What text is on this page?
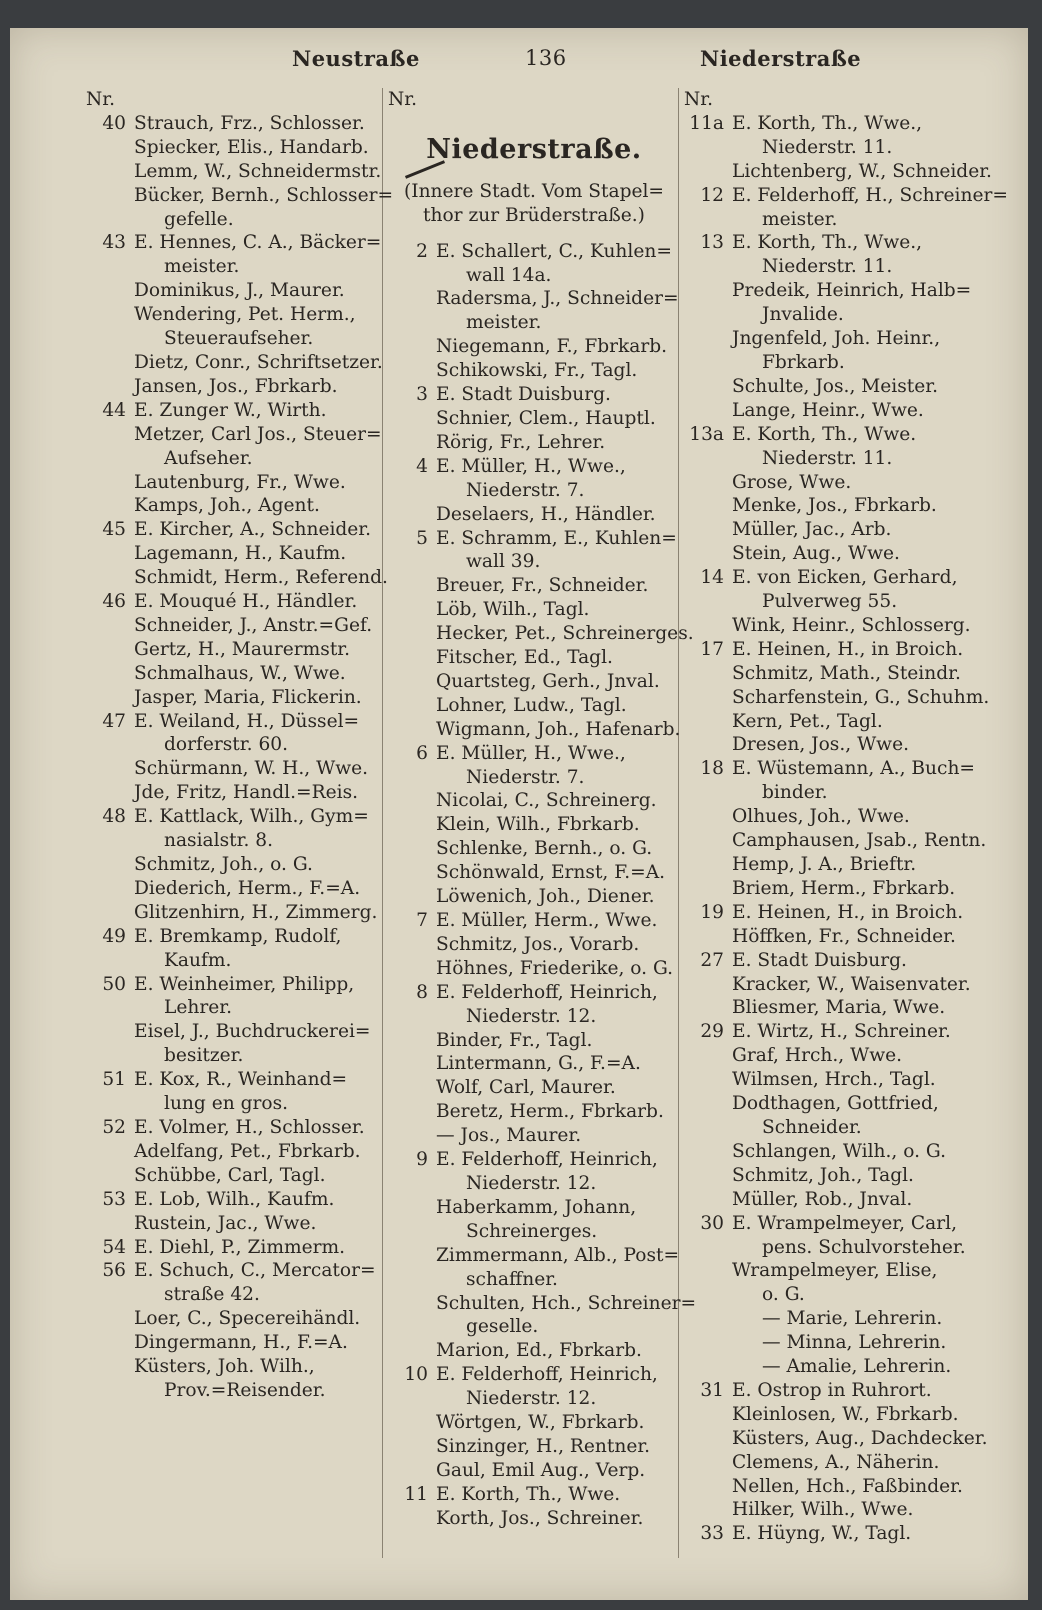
Neustraße	136	Niederstraße
Nr.
40 Strauch, Frz., Schlosser.
Spiecker, Elis., Handarb.
Lemm, W., Schneidermstr.
Bücker, Bernh., Schlosser=
gefelle.
43 E. Hennes, C. A., Bäcker=
meister.
Dominikus, J., Maurer.
Wendering, Pet. Herm.,
Steueraufseher.
Dietz, Conr., Schriftsetzer.
Jansen, Jos., Fbrkarb.
44 E. Zunger W., Wirth.
Metzer, Carl Jos., Steuer=
Aufseher.
Lautenburg, Fr., Wwe.
Kamps, Joh., Agent.
45 E. Kircher, A., Schneider.
Lagemann, H., Kaufm.
Schmidt, Herm., Referend.
46 E. Mouqué H., Händler.
Schneider, J., Anstr.=Gef.
Gertz, H., Maurermstr.
Schmalhaus, W., Wwe.
Jasper, Maria, Flickerin.
47 E. Weiland, H., Düssel=
dorferstr. 60.
Schürmann, W. H., Wwe.
Jde, Fritz, Handl.=Reis.
48 E. Kattlack, Wilh., Gym=
nasialstr. 8.
Schmitz, Joh., o. G.
Diederich, Herm., F.=A.
Glitzenhirn, H., Zimmerg.
49 E. Bremkamp, Rudolf,
Kaufm.
50 E. Weinheimer, Philipp,
Lehrer.
Eisel, J., Buchdruckerei=
besitzer.
51 E. Kox, R., Weinhand=
lung en gros.
52 E. Volmer, H., Schlosser.
Adelfang, Pet., Fbrkarb.
Schübbe, Carl, Tagl.
53 E. Lob, Wilh., Kaufm.
Rustein, Jac., Wwe.
54 E. Diehl, P., Zimmerm.
56 E. Schuch, C., Mercator=
straße 42.
Loer, C., Specereihändl.
Dingermann, H., F.=A.
Küsters, Joh. Wilh.,
Prov.=Reisender.
Nr.
Niederstraße.
(Innere Stadt. Vom Stapel=
thor zur Brüderstraße.)
2 E. Schallert, C., Kuhlen=
wall 14a.
Radersma, J., Schneider=
meister.
Niegemann, F., Fbrkarb.
Schikowski, Fr., Tagl.
3 E. Stadt Duisburg.
Schnier, Clem., Hauptl.
Rörig, Fr., Lehrer.
4 E. Müller, H., Wwe.,
Niederstr. 7.
Deselaers, H., Händler.
5 E. Schramm, E., Kuhlen=
wall 39.
Breuer, Fr., Schneider.
Löb, Wilh., Tagl.
Hecker, Pet., Schreinerges.
Fitscher, Ed., Tagl.
Quartsteg, Gerh., Jnval.
Lohner, Ludw., Tagl.
Wigmann, Joh., Hafenarb.
6 E. Müller, H., Wwe.,
Niederstr. 7.
Nicolai, C., Schreinerg.
Klein, Wilh., Fbrkarb.
Schlenke, Bernh., o. G.
Schönwald, Ernst, F.=A.
Löwenich, Joh., Diener.
7 E. Müller, Herm., Wwe.
Schmitz, Jos., Vorarb.
Höhnes, Friederike, o. G.
8 E. Felderhoff, Heinrich,
Niederstr. 12.
Binder, Fr., Tagl.
Lintermann, G., F.=A.
Wolf, Carl, Maurer.
Beretz, Herm., Fbrkarb.
— Jos., Maurer.
9 E. Felderhoff, Heinrich,
Niederstr. 12.
Haberkamm, Johann,
Schreinerges.
Zimmermann, Alb., Post=
schaffner.
Schulten, Hch., Schreiner=
geselle.
Marion, Ed., Fbrkarb.
10 E. Felderhoff, Heinrich,
Niederstr. 12.
Wörtgen, W., Fbrkarb.
Sinzinger, H., Rentner.
Gaul, Emil Aug., Verp.
11 E. Korth, Th., Wwe.
Korth, Jos., Schreiner.
Nr.
11a E. Korth, Th., Wwe.,
Niederstr. 11.
Lichtenberg, W., Schneider.
12 E. Felderhoff, H., Schreiner=
meister.
13 E. Korth, Th., Wwe.,
Niederstr. 11.
Predeik, Heinrich, Halb=
Jnvalide.
Jngenfeld, Joh. Heinr.,
Fbrkarb.
Schulte, Jos., Meister.
Lange, Heinr., Wwe.
13a E. Korth, Th., Wwe.
Niederstr. 11.
Grose, Wwe.
Menke, Jos., Fbrkarb.
Müller, Jac., Arb.
Stein, Aug., Wwe.
14 E. von Eicken, Gerhard,
Pulverweg 55.
Wink, Heinr., Schlosserg.
17 E. Heinen, H., in Broich.
Schmitz, Math., Steindr.
Scharfenstein, G., Schuhm.
Kern, Pet., Tagl.
Dresen, Jos., Wwe.
18 E. Wüstemann, A., Buch=
binder.
Olhues, Joh., Wwe.
Camphausen, Jsab., Rentn.
Hemp, J. A., Brieftr.
Briem, Herm., Fbrkarb.
19 E. Heinen, H., in Broich.
Höffken, Fr., Schneider.
27 E. Stadt Duisburg.
Kracker, W., Waisenvater.
Bliesmer, Maria, Wwe.
29 E. Wirtz, H., Schreiner.
Graf, Hrch., Wwe.
Wilmsen, Hrch., Tagl.
Dodthagen, Gottfried,
Schneider.
Schlangen, Wilh., o. G.
Schmitz, Joh., Tagl.
Müller, Rob., Jnval.
30 E. Wrampelmeyer, Carl,
pens. Schulvorsteher.
Wrampelmeyer, Elise,
o. G.
— Marie, Lehrerin.
— Minna, Lehrerin.
— Amalie, Lehrerin.
31 E. Ostrop in Ruhrort.
Kleinlosen, W., Fbrkarb.
Küsters, Aug., Dachdecker.
Clemens, A., Näherin.
Nellen, Hch., Faßbinder.
Hilker, Wilh., Wwe.
33 E. Hüyng, W., Tagl.
